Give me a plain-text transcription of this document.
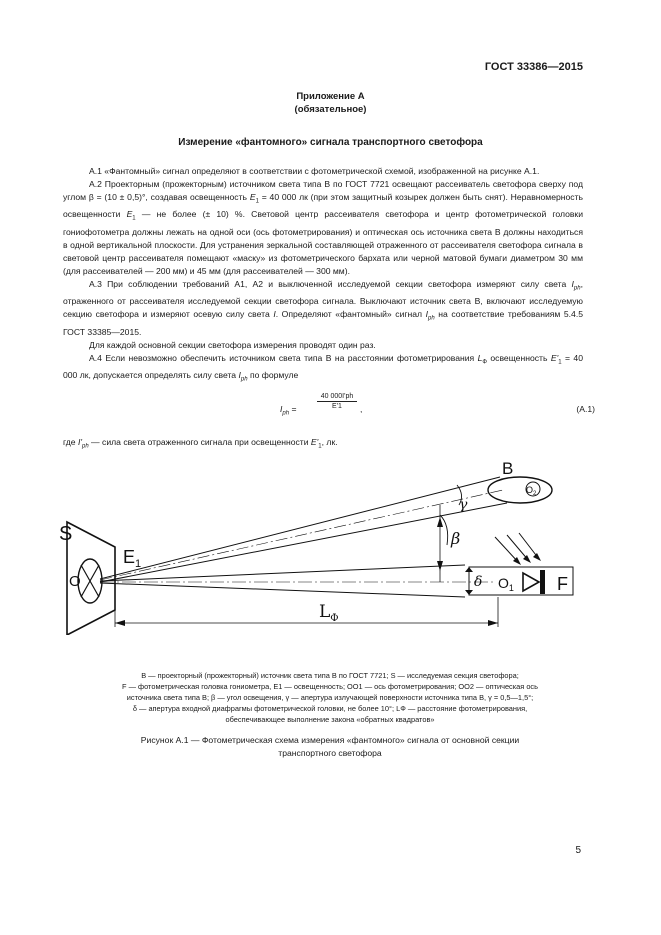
ГОСТ 33386—2015
Приложение А
(обязательное)
Измерение «фантомного» сигнала транспортного светофора

А.1 «Фантомный» сигнал определяют в соответствии с фотометрической схемой, изображенной на рисунке А.1.

А.2 Проекторным (прожекторным) источником света типа В по ГОСТ 7721 освещают рассеиватель светофора сверху под углом β = (10 ± 0,5)°, создавая освещенность $E_1 = 40$ 000 лк (при этом защитный козырек должен быть снят). Неравномерность освещенности $E_1$ — не более (± 10) %. Световой центр рассеивателя светофора и центр фотометрической головки гониофотометра должны лежать на одной оси (ось фотометрирования) и оптическая ось источника света В должны находиться в одной вертикальной плоскости. Для устранения зеркальной составляющей отраженного от рассеивателя светофора сигнала в световой центр рассеивателя помещают «маску» из фотометрического бархата или черной матовой бумаги диаметром 30 мм (для рассеивателей — 200 мм) и 45 мм (для рассеивателей — 300 мм).

А.3 При соблюдении требований А1, А2 и выключенной исследуемой секции светофора измеряют силу света $I_{ph}$, отраженного от рассеивателя исследуемой секции светофора сигнала. Выключают источник света В, включают исследуемую секцию светофора и измеряют осевую силу света I. Определяют «фантомный» сигнал $I_{ph}$ на соответствие требованиям 5.4.5 ГОСТ 33385—2015.

Для каждой основной секции светофора измерения проводят один раз.

А.4 Если невозможно обеспечить источником света типа В на расстоянии фотометрирования $L_Ф$ освещенность $E'_1 = 40$ 000 лк, допускается определять силу света $I_{ph}$ по формуле

$I_{ph}$ =	$\frac{40 000I'ph}{E'1}$ ,	(А.1)
где $I'_{ph}$ — сила света отраженного сигнала при освещенности $E'_1$, лк.
S
O
$E_1$
$O_2$
B
γ
β
δ $O_1$ F
$L_Ф$
B — проекторный (прожекторный) источник света типа В по ГОСТ 7721; S — исследуемая секция светофора;
F — фотометрическая головка гониометра, E1 — освещенность; OO1 — ось фотометрирования; OO2 — оптическая ось
источника света типа В; β — угол освещения, γ — апертура излучающей поверхности источника типа В, γ = 0,5—1,5°;
δ — апертура входной диафрагмы фотометрической головки, не более 10°; LФ — расстояние фотометрирования,
обеспечивающее выполнение закона «обратных квадратов»
Рисунок А.1 — Фотометрическая схема измерения «фантомного» сигнала от основной секции
транспортного светофора
5
